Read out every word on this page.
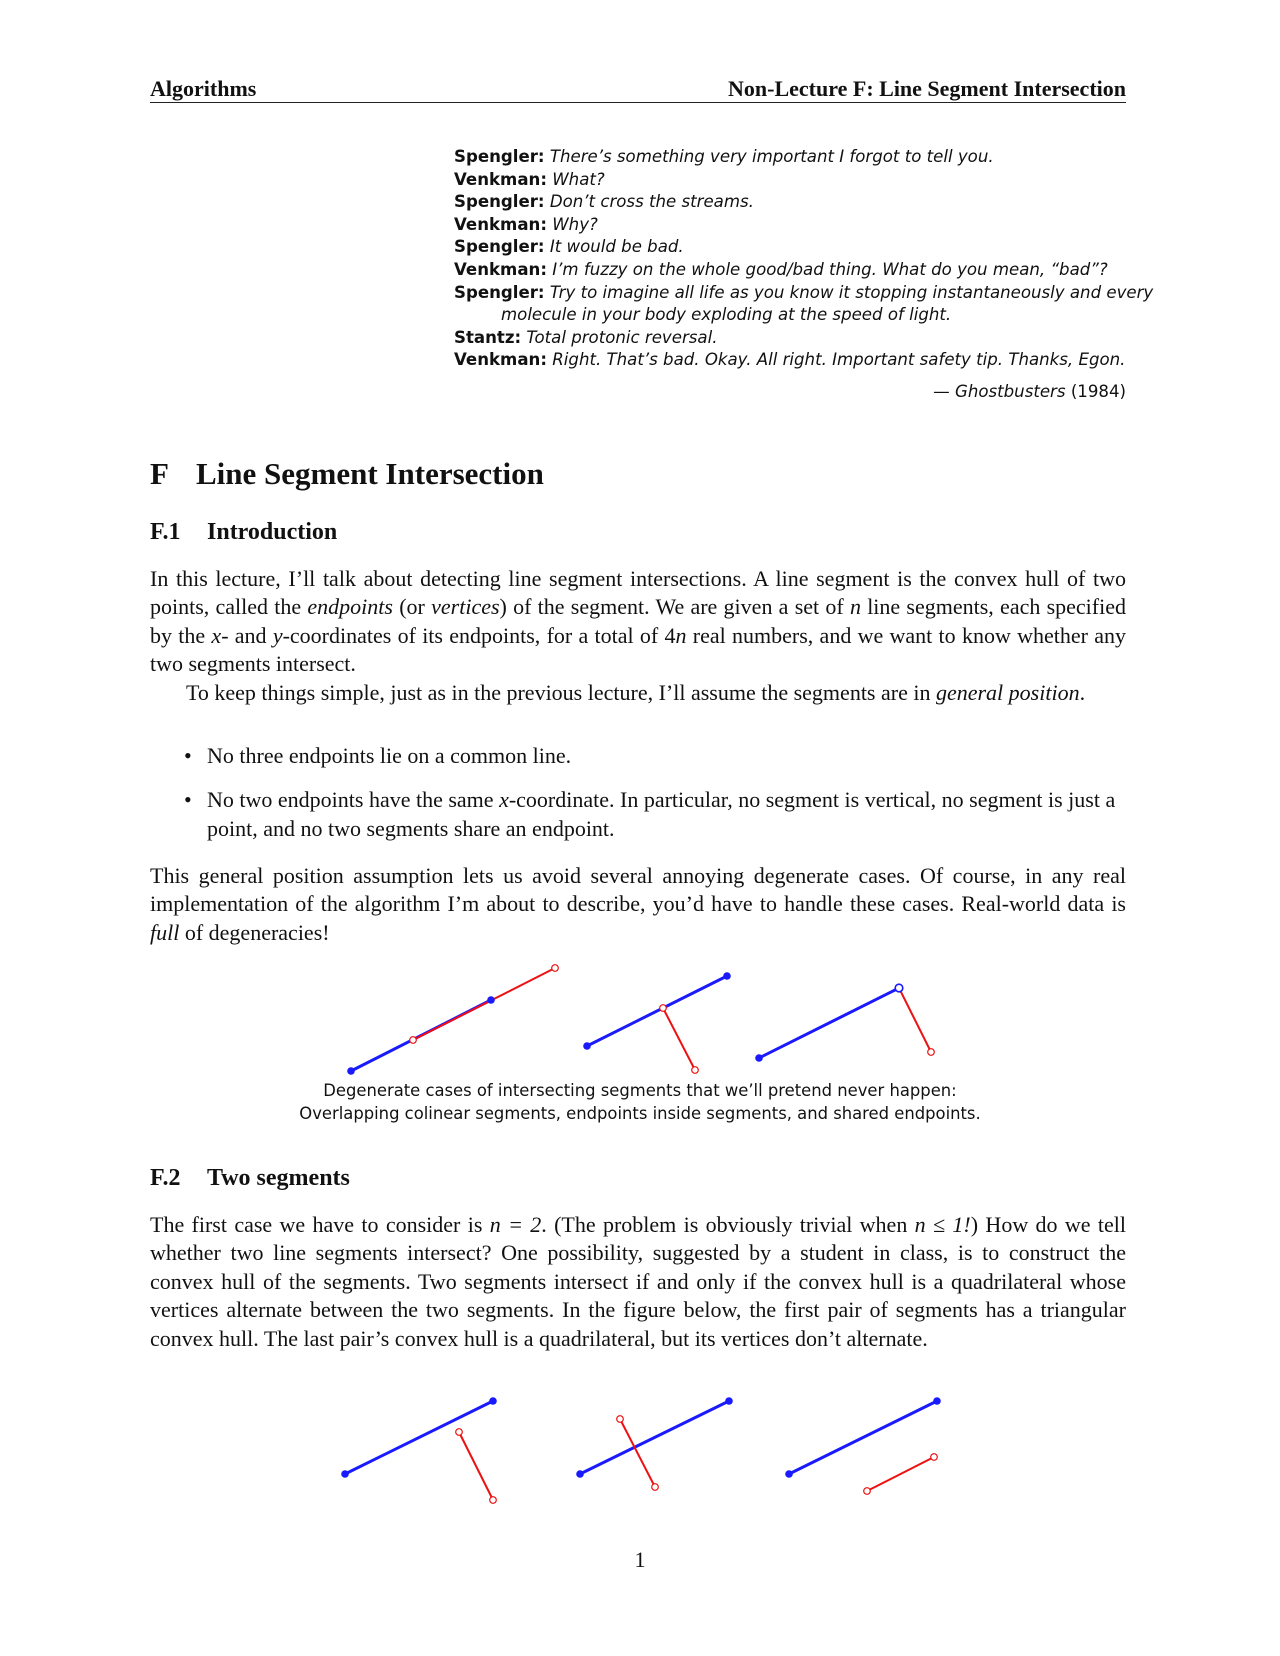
Algorithms	Non-Lecture F: Line Segment Intersection
Spengler: There’s something very important I forgot to tell you.
Venkman: What?
Spengler: Don’t cross the streams.
Venkman: Why?
Spengler: It would be bad.
Venkman: I’m fuzzy on the whole good/bad thing. What do you mean, “bad”?
Spengler: Try to imagine all life as you know it stopping instantaneously and every
molecule in your body exploding at the speed of light.
Stantz: Total protonic reversal.
Venkman: Right. That’s bad. Okay. All right. Important safety tip. Thanks, Egon.
— Ghostbusters (1984)
F Line Segment Intersection
F.1 Introduction
In this lecture, I’ll talk about detecting line segment intersections. A line segment is the convex hull of two points, called the endpoints (or vertices) of the segment. We are given a set of n line segments, each specified by the x- and y-coordinates of its endpoints, for a total of 4n real numbers, and we want to know whether any two segments intersect.
To keep things simple, just as in the previous lecture, I’ll assume the segments are in general position.
• No three endpoints lie on a common line.
• No two endpoints have the same x-coordinate. In particular, no segment is vertical, no segment is just a point, and no two segments share an endpoint.
This general position assumption lets us avoid several annoying degenerate cases. Of course, in any real implementation of the algorithm I’m about to describe, you’d have to handle these cases. Real-world data is full of degeneracies!
Degenerate cases of intersecting segments that we’ll pretend never happen:
Overlapping colinear segments, endpoints inside segments, and shared endpoints.
F.2 Two segments
The first case we have to consider is n = 2. (The problem is obviously trivial when n ≤ 1!) How do we tell whether two line segments intersect? One possibility, suggested by a student in class, is to construct the convex hull of the segments. Two segments intersect if and only if the convex hull is a quadrilateral whose vertices alternate between the two segments. In the figure below, the first pair of segments has a triangular convex hull. The last pair’s convex hull is a quadrilateral, but its vertices don’t alternate.
1
